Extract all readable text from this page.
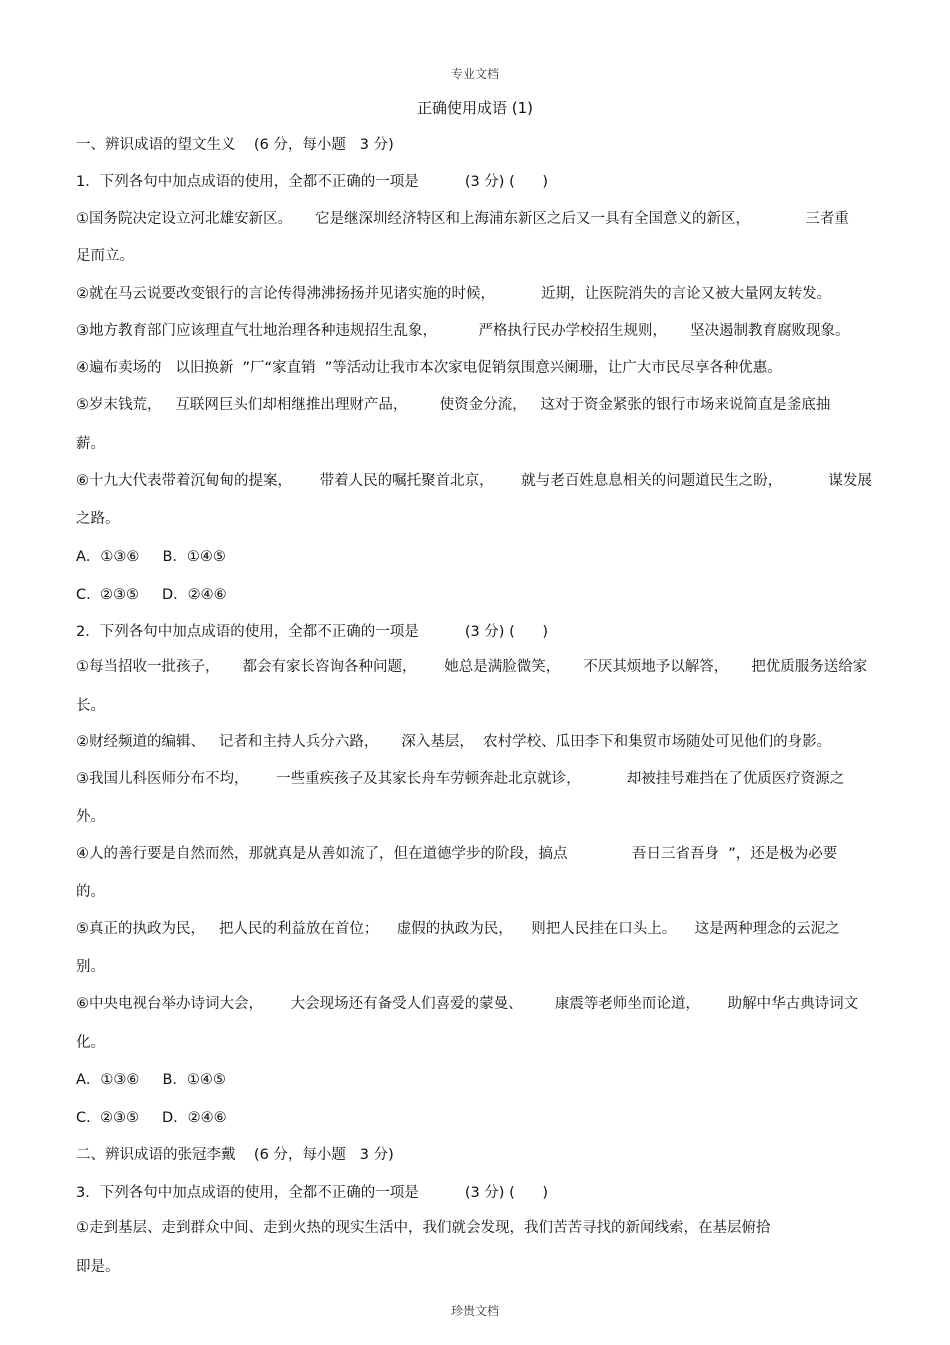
专业文档
正确使用成语 (1)
一、辨识成语的望文生义    (6 分，每小题   3 分)
1．下列各句中加点成语的使用，全都不正确的一项是          (3 分) (      )
①国务院决定设立河北雄安新区。     它是继深圳经济特区和上海浦东新区之后又一具有全国意义的新区，            三者重
足而立。
②就在马云说要改变银行的言论传得沸沸扬扬并见诸实施的时候，          近期，让医院消失的言论又被大量网友转发。
③地方教育部门应该理直气壮地治理各种违规招生乱象，         严格执行民办学校招生规则，     坚决遏制教育腐败现象。
④遍布卖场的   以旧换新  ”厂“家直销  ”等活动让我市本次家电促销氛围意兴阑珊，让广大市民尽享各种优惠。
⑤岁末钱荒，   互联网巨头们却相继推出理财产品，       使资金分流，   这对于资金紧张的银行市场来说简直是釜底抽
薪。
⑥十九大代表带着沉甸甸的提案，      带着人民的嘱托聚首北京，      就与老百姓息息相关的问题道民生之盼，          谋发展
之路。
A．①③⑥     B．①④⑤
C.  ②③⑤     D．②④⑥
2．下列各句中加点成语的使用，全都不正确的一项是          (3 分) (      )
①每当招收一批孩子，     都会有家长咨询各种问题，      她总是满脸微笑，     不厌其烦地予以解答，     把优质服务送给家
长。
②财经频道的编辑、   记者和主持人兵分六路，     深入基层，  农村学校、瓜田李下和集贸市场随处可见他们的身影。
③我国儿科医师分布不均，      一些重疾孩子及其家长舟车劳顿奔赴北京就诊，          却被挂号难挡在了优质医疗资源之
外。
④人的善行要是自然而然，那就真是从善如流了，但在道德学步的阶段，搞点              吾日三省吾身  ”，还是极为必要
的。
⑤真正的执政为民，   把人民的利益放在首位；    虚假的执政为民，    则把人民挂在口头上。    这是两种理念的云泥之
别。
⑥中央电视台举办诗词大会，      大会现场还有备受人们喜爱的蒙曼、       康震等老师坐而论道，      助解中华古典诗词文
化。
A．①③⑥     B．①④⑤
C.  ②③⑤     D．②④⑥
二、辨识成语的张冠李戴    (6 分，每小题   3 分)
3．下列各句中加点成语的使用，全都不正确的一项是          (3 分) (      )
①走到基层、走到群众中间、走到火热的现实生活中，我们就会发现，我们苦苦寻找的新闻线索，在基层俯拾
即是。
珍贵文档
